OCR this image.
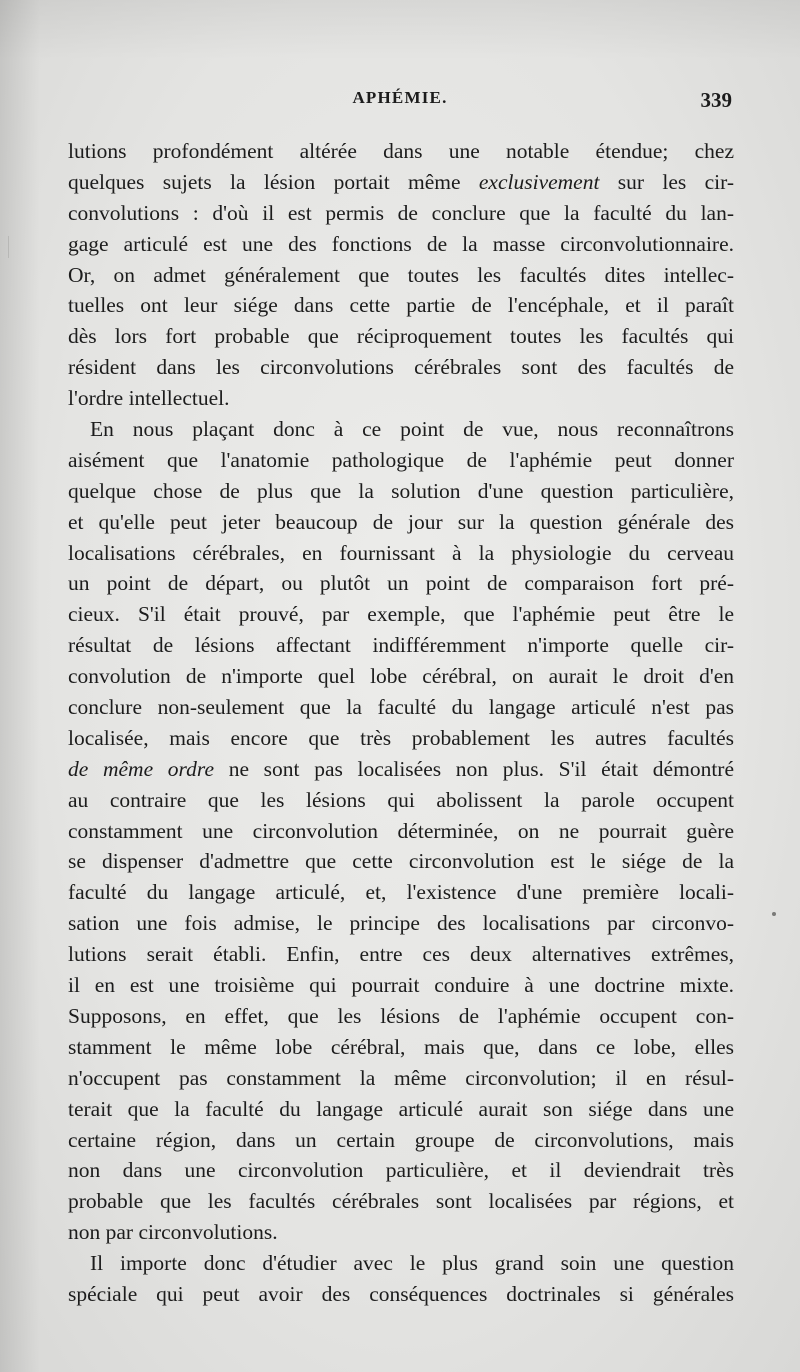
APHÉMIE.	339
lutions profondément altérée dans une notable étendue; chez
quelques sujets la lésion portait même exclusivement sur les cir-
convolutions : d'où il est permis de conclure que la faculté du lan-
gage articulé est une des fonctions de la masse circonvolutionnaire.
Or, on admet généralement que toutes les facultés dites intellec-
tuelles ont leur siége dans cette partie de l'encéphale, et il paraît
dès lors fort probable que réciproquement toutes les facultés qui
résident dans les circonvolutions cérébrales sont des facultés de
l'ordre intellectuel.
En nous plaçant donc à ce point de vue, nous reconnaîtrons
aisément que l'anatomie pathologique de l'aphémie peut donner
quelque chose de plus que la solution d'une question particulière,
et qu'elle peut jeter beaucoup de jour sur la question générale des
localisations cérébrales, en fournissant à la physiologie du cerveau
un point de départ, ou plutôt un point de comparaison fort pré-
cieux. S'il était prouvé, par exemple, que l'aphémie peut être le
résultat de lésions affectant indifféremment n'importe quelle cir-
convolution de n'importe quel lobe cérébral, on aurait le droit d'en
conclure non-seulement que la faculté du langage articulé n'est pas
localisée, mais encore que très probablement les autres facultés
de même ordre ne sont pas localisées non plus. S'il était démontré
au contraire que les lésions qui abolissent la parole occupent
constamment une circonvolution déterminée, on ne pourrait guère
se dispenser d'admettre que cette circonvolution est le siége de la
faculté du langage articulé, et, l'existence d'une première locali-
sation une fois admise, le principe des localisations par circonvo-
lutions serait établi. Enfin, entre ces deux alternatives extrêmes,
il en est une troisième qui pourrait conduire à une doctrine mixte.
Supposons, en effet, que les lésions de l'aphémie occupent con-
stamment le même lobe cérébral, mais que, dans ce lobe, elles
n'occupent pas constamment la même circonvolution; il en résul-
terait que la faculté du langage articulé aurait son siége dans une
certaine région, dans un certain groupe de circonvolutions, mais
non dans une circonvolution particulière, et il deviendrait très
probable que les facultés cérébrales sont localisées par régions, et
non par circonvolutions.
Il importe donc d'étudier avec le plus grand soin une question
spéciale qui peut avoir des conséquences doctrinales si générales
